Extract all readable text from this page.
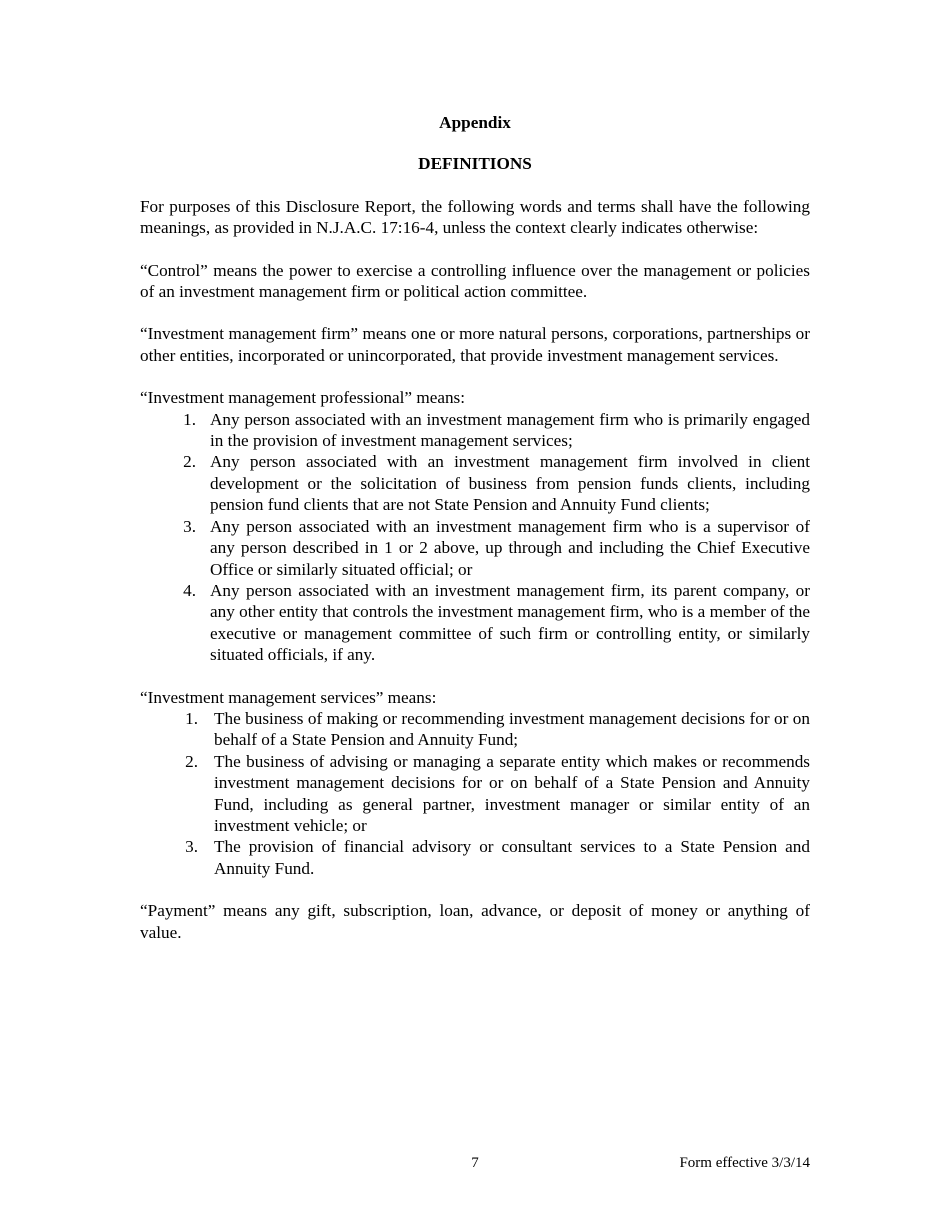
Appendix

DEFINITIONS

For purposes of this Disclosure Report, the following words and terms shall have the following meanings, as provided in N.J.A.C. 17:16-4, unless the context clearly indicates otherwise:

“Control” means the power to exercise a controlling influence over the management or policies of an investment management firm or political action committee.

“Investment management firm” means one or more natural persons, corporations, partnerships or other entities, incorporated or unincorporated, that provide investment management services.

“Investment management professional” means:

1. Any person associated with an investment management firm who is primarily engaged in the provision of investment management services;
2. Any person associated with an investment management firm involved in client development or the solicitation of business from pension funds clients, including pension fund clients that are not State Pension and Annuity Fund clients;
3. Any person associated with an investment management firm who is a supervisor of any person described in 1 or 2 above, up through and including the Chief Executive Office or similarly situated official; or
4. Any person associated with an investment management firm, its parent company, or any other entity that controls the investment management firm, who is a member of the executive or management committee of such firm or controlling entity, or similarly situated officials, if any.

“Investment management services” means:

1. The business of making or recommending investment management decisions for or on behalf of a State Pension and Annuity Fund;
2. The business of advising or managing a separate entity which makes or recommends investment management decisions for or on behalf of a State Pension and Annuity Fund, including as general partner, investment manager or similar entity of an investment vehicle; or
3. The provision of financial advisory or consultant services to a State Pension and Annuity Fund.

“Payment” means any gift, subscription, loan, advance, or deposit of money or anything of value.

7	Form effective 3/3/14
